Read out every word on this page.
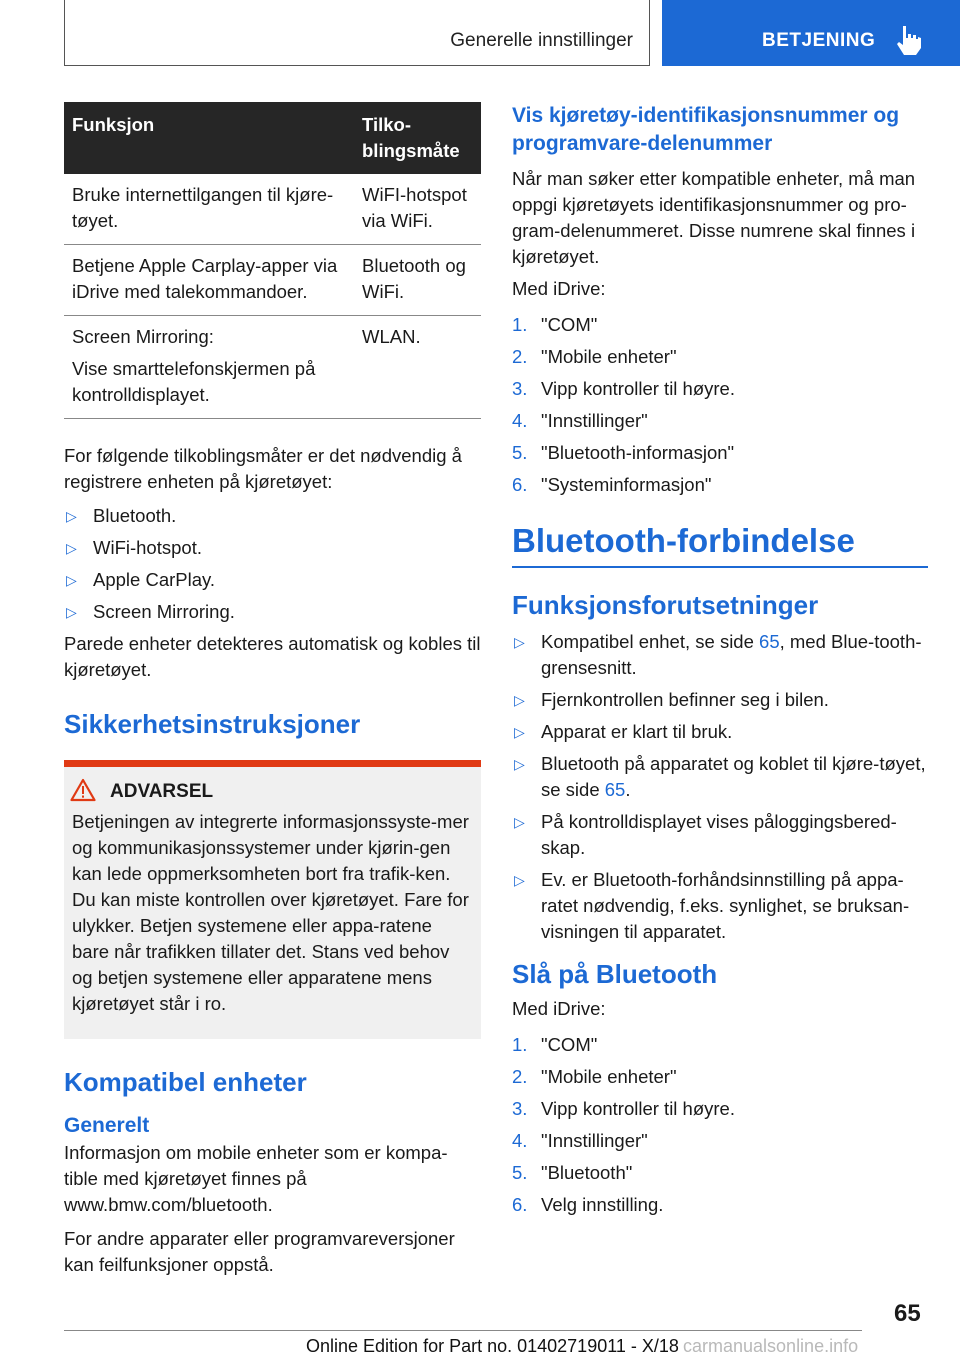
Generelle innstillinger	BETJENING
Funksjon	Tilko-blingsmåte

Bruke internettilgangen til kjøre-tøyet.	WiFI-hotspot via WiFi.

Betjene Apple Carplay-apper via iDrive med talekommandoer.	Bluetooth og WiFi.

Screen Mirroring:

Vise smarttelefonskjermen på kontrolldisplayet.	WLAN.

For følgende tilkoblingsmåter er det nødvendig å registrere enheten på kjøretøyet:

▷ Bluetooth.
▷ WiFi-hotspot.
▷ Apple CarPlay.
▷ Screen Mirroring.

Parede enheter detekteres automatisk og kobles til kjøretøyet.

Sikkerhetsinstruksjoner
ADVARSEL

Betjeningen av integrerte informasjonssyste-mer og kommunikasjonssystemer under kjørin-gen kan lede oppmerksomheten bort fra trafik-ken. Du kan miste kontrollen over kjøretøyet. Fare for ulykker. Betjen systemene eller appa-ratene bare når trafikken tillater det. Stans ved behov og betjen systemene eller apparatene mens kjøretøyet står i ro.

Kompatibel enheter
Generelt

Informasjon om mobile enheter som er kompa-tible med kjøretøyet finnes på www.bmw.com/bluetooth.

For andre apparater eller programvareversjoner kan feilfunksjoner oppstå.

Vis kjøretøy-identifikasjonsnummer og programvare-delenummer

Når man søker etter kompatible enheter, må man oppgi kjøretøyets identifikasjonsnummer og pro-gram-delenummeret. Disse numrene skal finnes i kjøretøyet.

Med iDrive:

1. "COM"
2. "Mobile enheter"
3. Vipp kontroller til høyre.
4. "Innstillinger"
5. "Bluetooth-informasjon"
6. "Systeminformasjon"
Bluetooth-forbindelse
Funksjonsforutsetninger
▷ Kompatibel enhet, se side 65, med Blue-tooth-grensesnitt.
▷ Fjernkontrollen befinner seg i bilen.
▷ Apparat er klart til bruk.
▷ Bluetooth på apparatet og koblet til kjøre-tøyet, se side 65.
▷ På kontrolldisplayet vises påloggingsbered-skap.
▷ Ev. er Bluetooth-forhåndsinnstilling på appa-ratet nødvendig, f.eks. synlighet, se bruksan-visningen til apparatet.
Slå på Bluetooth

Med iDrive:

1. "COM"
2. "Mobile enheter"
3. Vipp kontroller til høyre.
4. "Innstillinger"
5. "Bluetooth"
6. Velg innstilling.
65
Online Edition for Part no. 01402719011 - X/18 carmanualsonline.info
